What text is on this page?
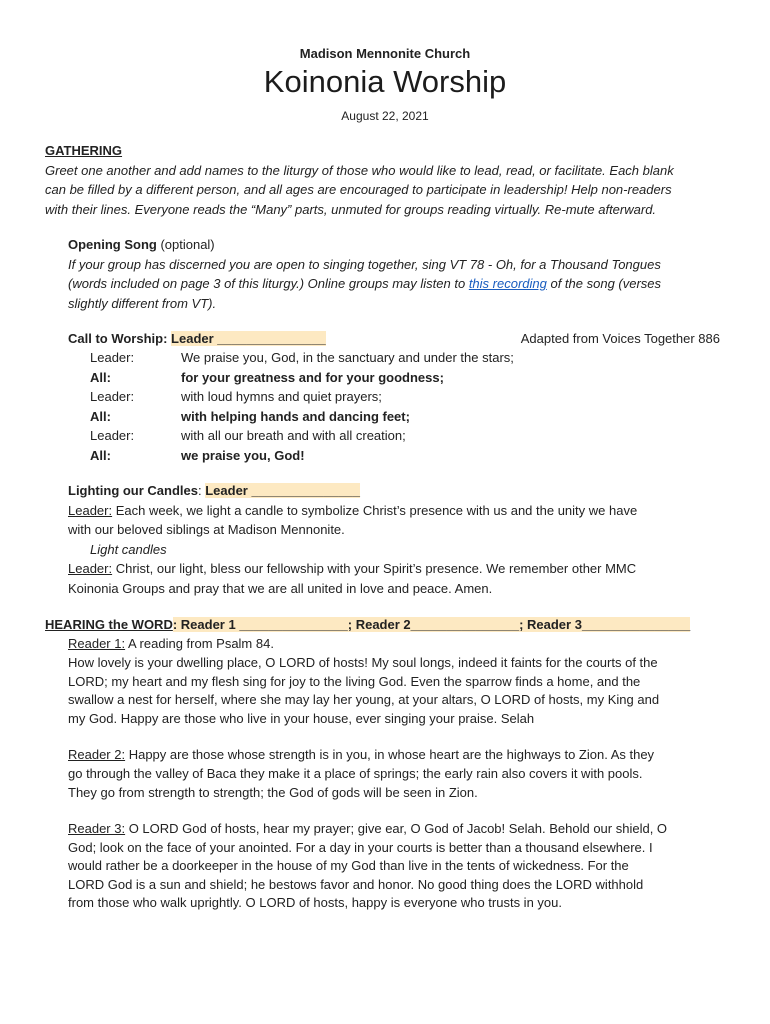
Madison Mennonite Church
Koinonia Worship
August 22, 2021
GATHERING
Greet one another and add names to the liturgy of those who would like to lead, read, or facilitate. Each blank
can be filled by a different person, and all ages are encouraged to participate in leadership! Help non-readers
with their lines. Everyone reads the “Many” parts, unmuted for groups reading virtually. Re-mute afterward.
Opening Song (optional)
If your group has discerned you are open to singing together, sing VT 78 - Oh, for a Thousand Tongues
(words included on page 3 of this liturgy.) Online groups may listen to this recording of the song (verses
slightly different from VT).
Call to Worship: Leader _______________	Adapted from Voices Together 886
Leader:	We praise you, God, in the sanctuary and under the stars;
All:	for your greatness and for your goodness;
Leader:	with loud hymns and quiet prayers;
All:	with helping hands and dancing feet;
Leader:	with all our breath and with all creation;
All:	we praise you, God!
Lighting our Candles: Leader _______________
Leader: Each week, we light a candle to symbolize Christ’s presence with us and the unity we have
with our beloved siblings at Madison Mennonite.
Light candles
Leader: Christ, our light, bless our fellowship with your Spirit’s presence. We remember other MMC
Koinonia Groups and pray that we are all united in love and peace. Amen.
HEARING the WORD: Reader 1 _______________; Reader 2_______________; Reader 3_______________
Reader 1: A reading from Psalm 84.
How lovely is your dwelling place, O LORD of hosts! My soul longs, indeed it faints for the courts of the
LORD; my heart and my flesh sing for joy to the living God. Even the sparrow finds a home, and the
swallow a nest for herself, where she may lay her young, at your altars, O LORD of hosts, my King and
my God. Happy are those who live in your house, ever singing your praise. Selah
Reader 2: Happy are those whose strength is in you, in whose heart are the highways to Zion. As they
go through the valley of Baca they make it a place of springs; the early rain also covers it with pools.
They go from strength to strength; the God of gods will be seen in Zion.
Reader 3: O LORD God of hosts, hear my prayer; give ear, O God of Jacob! Selah. Behold our shield, O
God; look on the face of your anointed. For a day in your courts is better than a thousand elsewhere. I
would rather be a doorkeeper in the house of my God than live in the tents of wickedness. For the
LORD God is a sun and shield; he bestows favor and honor. No good thing does the LORD withhold
from those who walk uprightly. O LORD of hosts, happy is everyone who trusts in you.
